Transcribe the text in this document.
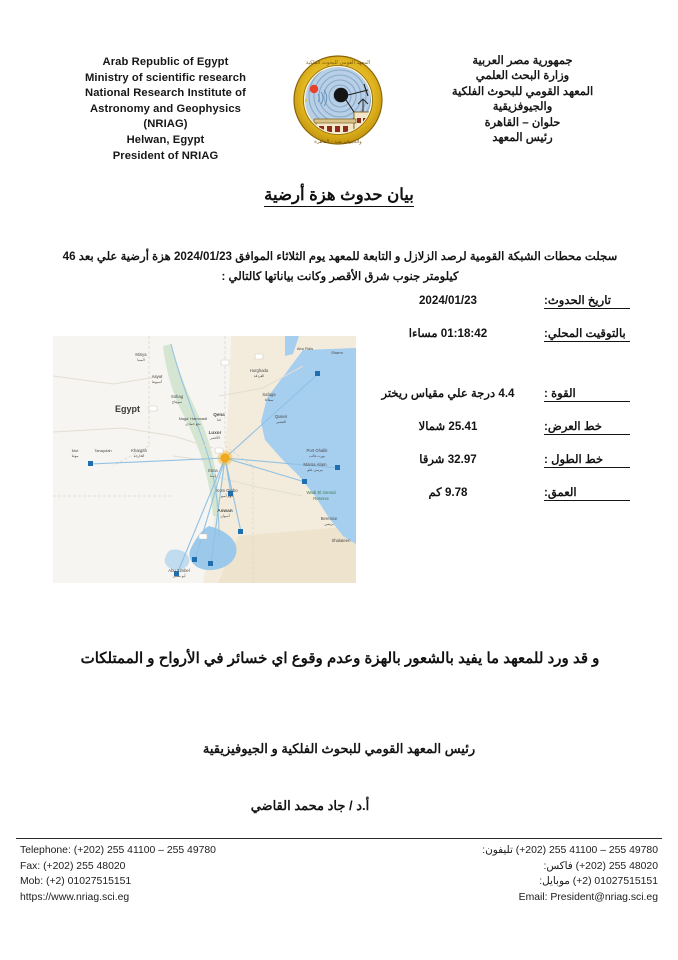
Arab Republic of Egypt
Ministry of scientific research
National Research Institute of
Astronomy and Geophysics
(NRIAG)
Helwan, Egypt
President of NRIAG
جمهورية مصر العربية
وزارة البحث العلمي
المعهد القومي للبحوث الفلكية
والجيوفزيقية
حلوان – القاهرة
رئيس المعهد
المعهد القومي للبحوث الفلكية
والجيوفيزيقية - القاهرة
بيان حدوث هزة أرضية
سجلت محطات الشبكة القومية لرصد الزلازل و التابعة للمعهد يوم الثلاثاء الموافق 2024/01/23 هزة أرضية علي بعد 46 كيلومتر جنوب شرق الأقصر وكانت بياناتها كالتالي :
Egypt
Minya
المنيا
Asyut
أسيوط
Sohag
سوهاج
Naga' Hammadi
نجع حمادي
Qena
قنا
Luxor
الأقصر
Esna
إسنا
Kom Ombo
كوم أمبو
Aswan
أسوان
Khargah
الخارجة
Tanaydah
Mut
موط
Hurghada
الغردقة
Safaga
سفاجا
Quseir
القصير
Port Ghalib
بورت غالب
Marsa Alam
مرسى علم
Wadi El Gemal
Reserve
Berenice
برنيس
Shalateen
Abu Simbel
أبو سمبل
Abu Rdis
Sharm
تاريخ الحدوث:
2024/01/23
بالتوقيت المحلي:
01:18:42 مساءا
القوة :
4.4 درجة علي مقياس ريختر
خط العرض:
25.41 شمالا
خط الطول :
32.97 شرقا
العمق:
9.78 كم
و قد ورد للمعهد ما يفيد بالشعور بالهزة وعدم وقوع اي خسائر في الأرواح و الممتلكات
رئيس المعهد القومي للبحوث الفلكية و الجيوفيزيقية
أ.د / جاد محمد القاضي
Telephone: (+202) 255 41100 – 255 49780
Fax: (+202) 255 48020
Mob: (+2) 01027515151
https://www.nriag.sci.eg
(+202) 255 41100 – 255 49780 تليفون:
(+202) 255 48020 فاكس:
(+2) 01027515151 موبايل:
Email: President@nriag.sci.eg
